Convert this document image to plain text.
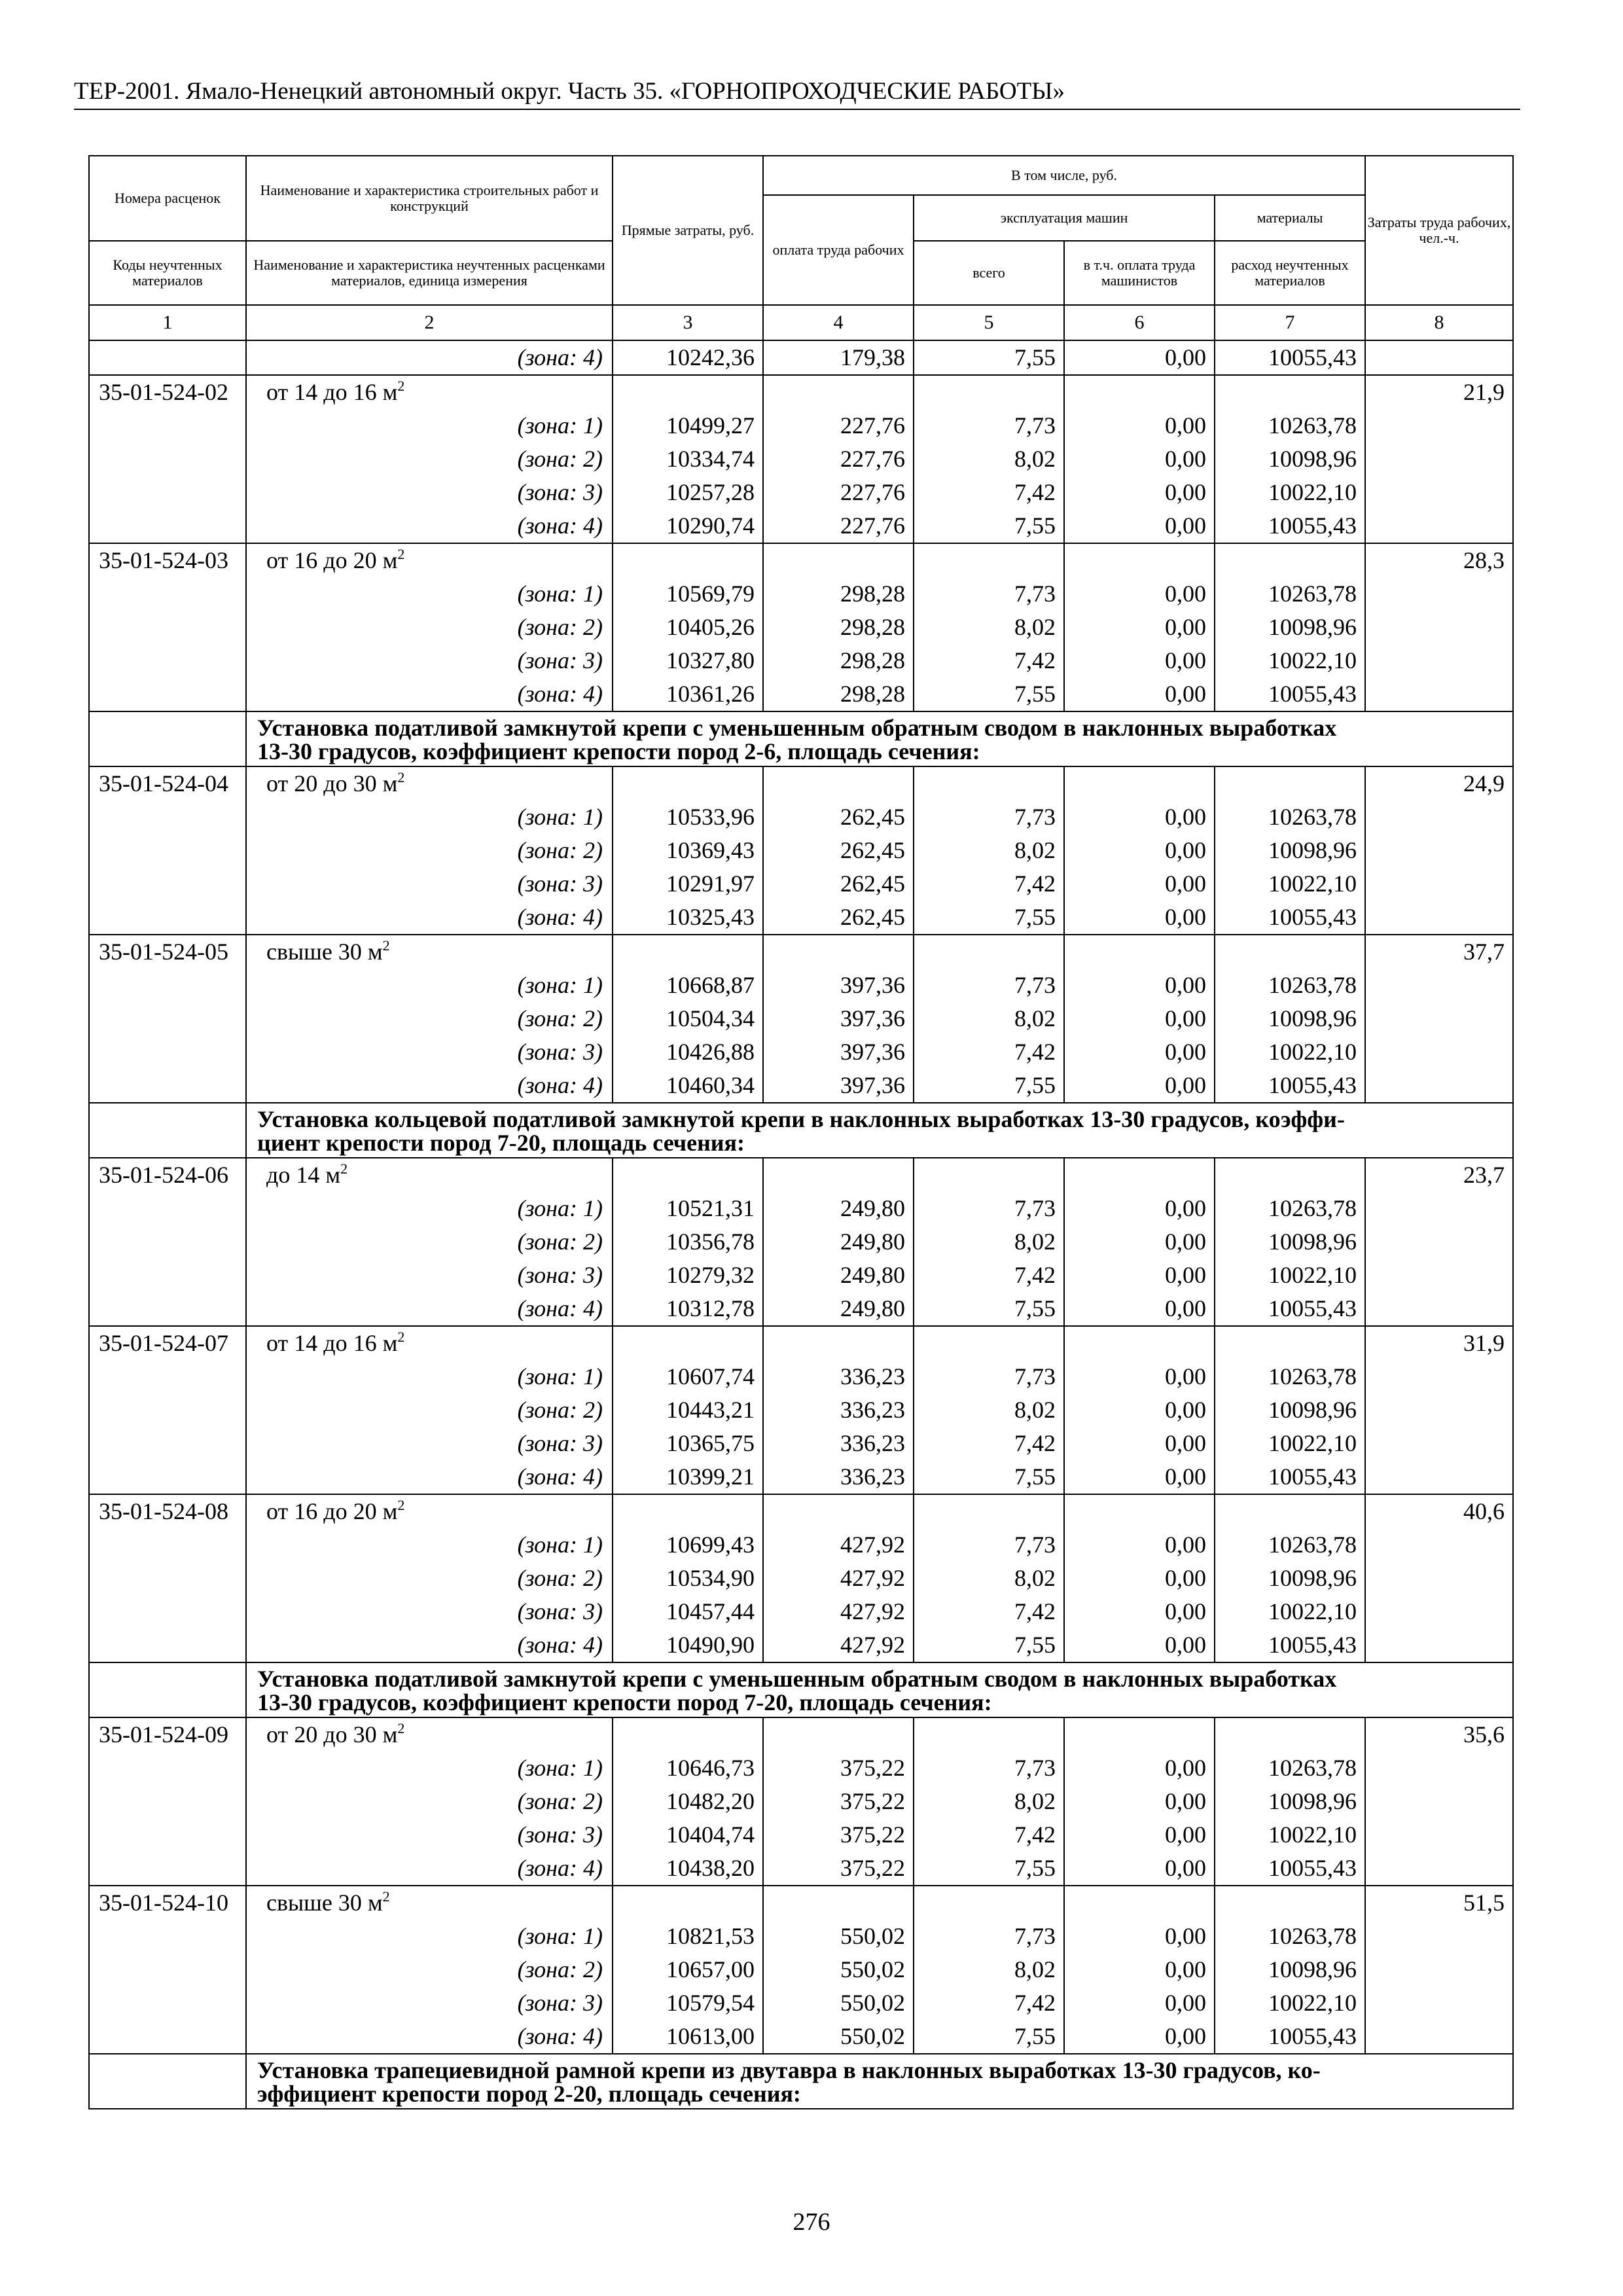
ТЕР-2001. Ямало-Ненецкий автономный округ. Часть 35. «ГОРНОПРОХОДЧЕСКИЕ РАБОТЫ»
Номера расценок	Наименование и характеристика строительных работ и конструкций	Прямые затраты, руб.	В том числе, руб.				Затраты труда рабочих, чел.-ч.
			оплата труда рабочих	эксплуатация машин		материалы	
Коды неучтенных материалов	Наименование и характеристика неучтенных расценками материалов, единица измерения			всего	в т.ч. оплата труда машинистов	расход неучтенных материалов	
1	2	3	4	5	6	7	8
	(зона: 4)	10242,36	179,38	7,55	0,00	10055,43	
35-01-524-02	от 14 до 16 $м^2$						21,9
	(зона: 1)	10499,27	227,76	7,73	0,00	10263,78	
	(зона: 2)	10334,74	227,76	8,02	0,00	10098,96	
	(зона: 3)	10257,28	227,76	7,42	0,00	10022,10	
	(зона: 4)	10290,74	227,76	7,55	0,00	10055,43	
35-01-524-03	от 16 до 20 $м^2$						28,3
	(зона: 1)	10569,79	298,28	7,73	0,00	10263,78	
	(зона: 2)	10405,26	298,28	8,02	0,00	10098,96	
	(зона: 3)	10327,80	298,28	7,42	0,00	10022,10	
	(зона: 4)	10361,26	298,28	7,55	0,00	10055,43	

	Установка податливой замкнутой крепи с уменьшенным обратным сводом в наклонных выработках
13-30 градусов, коэффициент крепости пород 2-6, площадь сечения:						

35-01-524-04	от 20 до 30 $м^2$						24,9
	(зона: 1)	10533,96	262,45	7,73	0,00	10263,78	
	(зона: 2)	10369,43	262,45	8,02	0,00	10098,96	
	(зона: 3)	10291,97	262,45	7,42	0,00	10022,10	
	(зона: 4)	10325,43	262,45	7,55	0,00	10055,43	
35-01-524-05	свыше 30 $м^2$						37,7
	(зона: 1)	10668,87	397,36	7,73	0,00	10263,78	
	(зона: 2)	10504,34	397,36	8,02	0,00	10098,96	
	(зона: 3)	10426,88	397,36	7,42	0,00	10022,10	
	(зона: 4)	10460,34	397,36	7,55	0,00	10055,43	

	Установка кольцевой податливой замкнутой крепи в наклонных выработках 13-30 градусов, коэффи-
циент крепости пород 7-20, площадь сечения:						

35-01-524-06	до 14 $м^2$						23,7
	(зона: 1)	10521,31	249,80	7,73	0,00	10263,78	
	(зона: 2)	10356,78	249,80	8,02	0,00	10098,96	
	(зона: 3)	10279,32	249,80	7,42	0,00	10022,10	
	(зона: 4)	10312,78	249,80	7,55	0,00	10055,43	
35-01-524-07	от 14 до 16 $м^2$						31,9
	(зона: 1)	10607,74	336,23	7,73	0,00	10263,78	
	(зона: 2)	10443,21	336,23	8,02	0,00	10098,96	
	(зона: 3)	10365,75	336,23	7,42	0,00	10022,10	
	(зона: 4)	10399,21	336,23	7,55	0,00	10055,43	
35-01-524-08	от 16 до 20 $м^2$						40,6
	(зона: 1)	10699,43	427,92	7,73	0,00	10263,78	
	(зона: 2)	10534,90	427,92	8,02	0,00	10098,96	
	(зона: 3)	10457,44	427,92	7,42	0,00	10022,10	
	(зона: 4)	10490,90	427,92	7,55	0,00	10055,43	

	Установка податливой замкнутой крепи с уменьшенным обратным сводом в наклонных выработках
13-30 градусов, коэффициент крепости пород 7-20, площадь сечения:						

35-01-524-09	от 20 до 30 $м^2$						35,6
	(зона: 1)	10646,73	375,22	7,73	0,00	10263,78	
	(зона: 2)	10482,20	375,22	8,02	0,00	10098,96	
	(зона: 3)	10404,74	375,22	7,42	0,00	10022,10	
	(зона: 4)	10438,20	375,22	7,55	0,00	10055,43	
35-01-524-10	свыше 30 $м^2$						51,5
	(зона: 1)	10821,53	550,02	7,73	0,00	10263,78	
	(зона: 2)	10657,00	550,02	8,02	0,00	10098,96	
	(зона: 3)	10579,54	550,02	7,42	0,00	10022,10	
	(зона: 4)	10613,00	550,02	7,55	0,00	10055,43	

	Установка трапециевидной рамной крепи из двутавра в наклонных выработках 13-30 градусов, ко-
эффициент крепости пород 2-20, площадь сечения:						
276
